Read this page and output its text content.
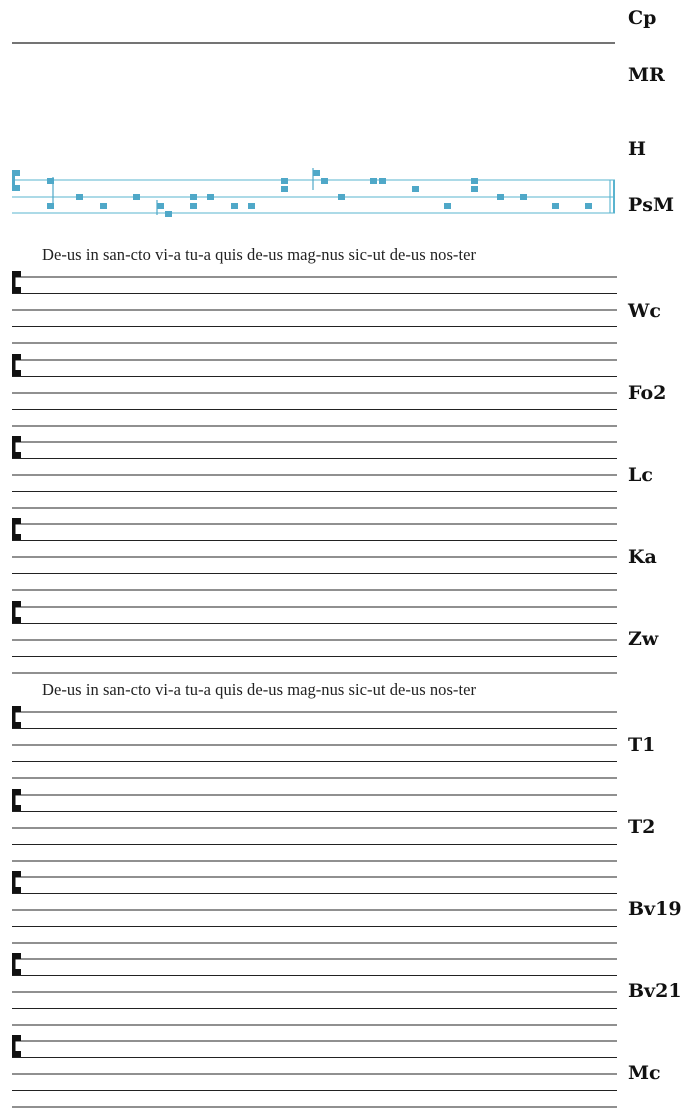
Cp
MR
H
PsM
Wc
Fo2
Lc
Ka
Zw
T1
T2
Bv19
Bv21
Mc
De-us in san-cto vi-a tu-a quis de-us mag-nus sic-ut de-us nos-ter
De-us in san-cto vi-a tu-a quis de-us mag-nus sic-ut de-us nos-ter
